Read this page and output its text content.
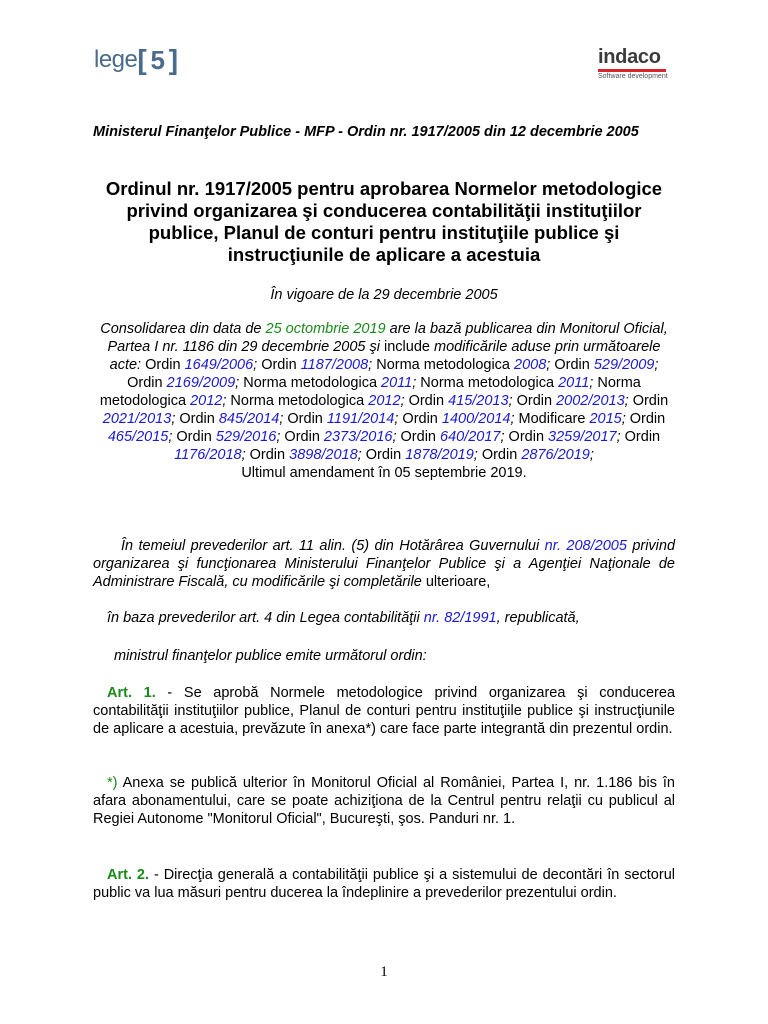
lege [ 5 ]	indaco
Software development
Ministerul Finanţelor Publice - MFP - Ordin nr. 1917/2005 din 12 decembrie 2005
Ordinul nr. 1917/2005 pentru aprobarea Normelor metodologice privind organizarea şi conducerea contabilităţii instituţiilor publice, Planul de conturi pentru instituţiile publice şi instrucţiunile de aplicare a acestuia
În vigoare de la 29 decembrie 2005
Consolidarea din data de 25 octombrie 2019 are la bază publicarea din Monitorul Oficial, Partea I nr. 1186 din 29 decembrie 2005 şi include modificările aduse prin următoarele acte: Ordin 1649/2006; Ordin 1187/2008; Norma metodologica 2008; Ordin 529/2009; Ordin 2169/2009; Norma metodologica 2011; Norma metodologica 2011; Norma metodologica 2012; Norma metodologica 2012; Ordin 415/2013; Ordin 2002/2013; Ordin 2021/2013; Ordin 845/2014; Ordin 1191/2014; Ordin 1400/2014; Modificare 2015; Ordin 465/2015; Ordin 529/2016; Ordin 2373/2016; Ordin 640/2017; Ordin 3259/2017; Ordin 1176/2018; Ordin 3898/2018; Ordin 1878/2019; Ordin 2876/2019;
Ultimul amendament în 05 septembrie 2019.
În temeiul prevederilor art. 11 alin. (5) din Hotărârea Guvernului nr. 208/2005 privind organizarea şi funcţionarea Ministerului Finanţelor Publice şi a Agenţiei Naţionale de Administrare Fiscală, cu modificările şi completările ulterioare,
în baza prevederilor art. 4 din Legea contabilităţii nr. 82/1991, republicată,
ministrul finanţelor publice emite următorul ordin:
Art. 1. - Se aprobă Normele metodologice privind organizarea şi conducerea contabilităţii instituţiilor publice, Planul de conturi pentru instituţiile publice şi instrucţiunile de aplicare a acestuia, prevăzute în anexa*) care face parte integrantă din prezentul ordin.
*) Anexa se publică ulterior în Monitorul Oficial al României, Partea I, nr. 1.186 bis în afara abonamentului, care se poate achiziţiona de la Centrul pentru relaţii cu publicul al Regiei Autonome "Monitorul Oficial", Bucureşti, şos. Panduri nr. 1.
Art. 2. - Direcţia generală a contabilităţii publice şi a sistemului de decontări în sectorul public va lua măsuri pentru ducerea la îndeplinire a prevederilor prezentului ordin.
1
